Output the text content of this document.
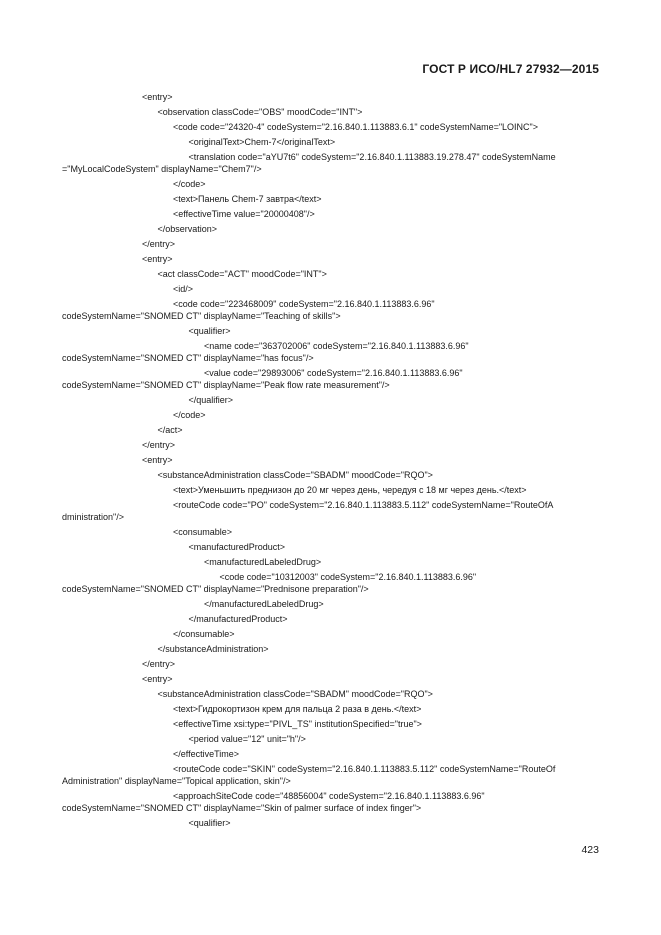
ГОСТ Р ИСО/HL7 27932—2015
<entry>
<observation classCode="OBS" moodCode="INT">
<code code="24320-4" codeSystem="2.16.840.1.113883.6.1" codeSystemName="LOINC">
<originalText>Chem-7</originalText>
<translation code="aYU7t6" codeSystem="2.16.840.1.113883.19.278.47" codeSystemName
="MyLocalCodeSystem" displayName="Chem7"/>
</code>
<text>Панель Chem-7 завтра</text>
<effectiveTime value="20000408"/>
</observation>
</entry>
<entry>
<act classCode="ACT" moodCode="INT">
<id/>
<code code="223468009" codeSystem="2.16.840.1.113883.6.96"
codeSystemName="SNOMED CT" displayName="Teaching of skills">
<qualifier>
<name code="363702006" codeSystem="2.16.840.1.113883.6.96"
codeSystemName="SNOMED CT" displayName="has focus"/>
<value code="29893006" codeSystem="2.16.840.1.113883.6.96"
codeSystemName="SNOMED CT" displayName="Peak flow rate measurement"/>
</qualifier>
</code>
</act>
</entry>
<entry>
<substanceAdministration classCode="SBADM" moodCode="RQO">
<text>Уменьшить преднизон до 20 мг через день, чередуя с 18 мг через день.</text>
<routeCode code="PO" codeSystem="2.16.840.1.113883.5.112" codeSystemName="RouteOfA
dministration"/>
<consumable>
<manufacturedProduct>
<manufacturedLabeledDrug>
<code code="10312003" codeSystem="2.16.840.1.113883.6.96"
codeSystemName="SNOMED CT" displayName="Prednisone preparation"/>
</manufacturedLabeledDrug>
</manufacturedProduct>
</consumable>
</substanceAdministration>
</entry>
<entry>
<substanceAdministration classCode="SBADM" moodCode="RQO">
<text>Гидрокортизон крем для пальца 2 раза в день.</text>
<effectiveTime xsi:type="PIVL_TS" institutionSpecified="true">
<period value="12" unit="h"/>
</effectiveTime>
<routeCode code="SKIN" codeSystem="2.16.840.1.113883.5.112" codeSystemName="RouteOf
Administration" displayName="Topical application, skin"/>
<approachSiteCode code="48856004" codeSystem="2.16.840.1.113883.6.96"
codeSystemName="SNOMED CT" displayName="Skin of palmer surface of index finger">
<qualifier>
423
